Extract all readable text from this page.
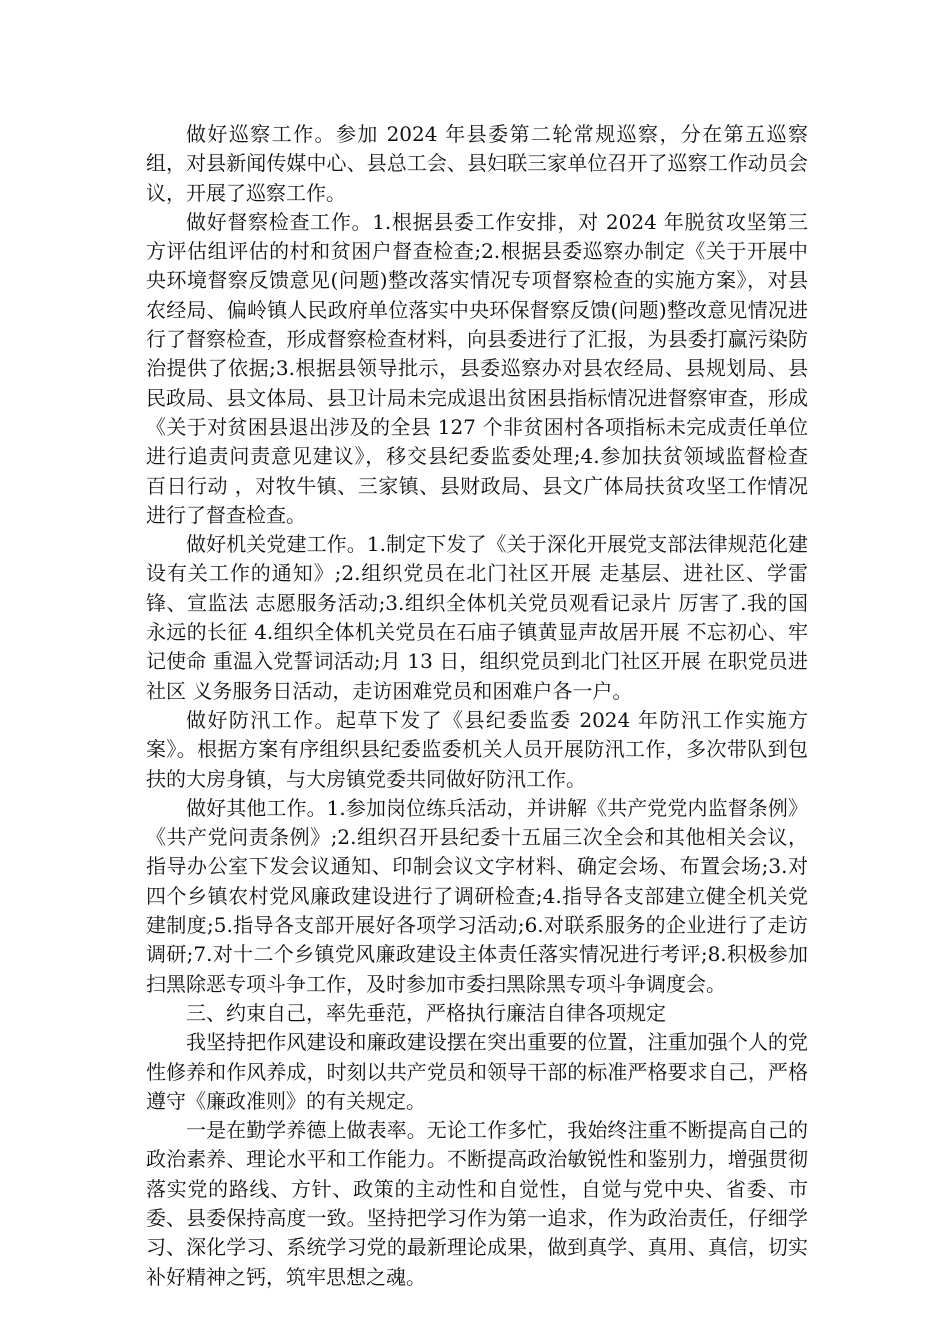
做好巡察工作。参加 2024 年县委第二轮常规巡察，分在第五巡察组，对县新闻传媒中心、县总工会、县妇联三家单位召开了巡察工作动员会议，开展了巡察工作。

做好督察检查工作。1.根据县委工作安排，对 2024 年脱贫攻坚第三方评估组评估的村和贫困户督查检查;2.根据县委巡察办制定《关于开展中央环境督察反馈意见(问题)整改落实情况专项督察检查的实施方案》，对县农经局、偏岭镇人民政府单位落实中央环保督察反馈(问题)整改意见情况进行了督察检查，形成督察检查材料，向县委进行了汇报，为县委打赢污染防治提供了依据;3.根据县领导批示，县委巡察办对县农经局、县规划局、县民政局、县文体局、县卫计局未完成退出贫困县指标情况进督察审查，形成《关于对贫困县退出涉及的全县 127 个非贫困村各项指标未完成责任单位进行追责问责意见建议》，移交县纪委监委处理;4.参加扶贫领域监督检查 百日行动 ，对牧牛镇、三家镇、县财政局、县文广体局扶贫攻坚工作情况进行了督查检查。

做好机关党建工作。1.制定下发了《关于深化开展党支部法律规范化建设有关工作的通知》;2.组织党员在北门社区开展 走基层、进社区、学雷锋、宣监法 志愿服务活动;3.组织全体机关党员观看记录片 厉害了.我的国 永远的长征 4.组织全体机关党员在石庙子镇黄显声故居开展 不忘初心、牢记使命 重温入党誓词活动;月 13 日，组织党员到北门社区开展 在职党员进社区 义务服务日活动，走访困难党员和困难户各一户。

做好防汛工作。起草下发了《县纪委监委 2024 年防汛工作实施方案》。根据方案有序组织县纪委监委机关人员开展防汛工作，多次带队到包扶的大房身镇，与大房镇党委共同做好防汛工作。

做好其他工作。1.参加岗位练兵活动，并讲解《共产党党内监督条例》《共产党问责条例》;2.组织召开县纪委十五届三次全会和其他相关会议，指导办公室下发会议通知、印制会议文字材料、确定会场、布置会场;3.对四个乡镇农村党风廉政建设进行了调研检查;4.指导各支部建立健全机关党建制度;5.指导各支部开展好各项学习活动;6.对联系服务的企业进行了走访调研;7.对十二个乡镇党风廉政建设主体责任落实情况进行考评;8.积极参加扫黑除恶专项斗争工作，及时参加市委扫黑除黑专项斗争调度会。

三、约束自己，率先垂范，严格执行廉洁自律各项规定

我坚持把作风建设和廉政建设摆在突出重要的位置，注重加强个人的党性修养和作风养成，时刻以共产党员和领导干部的标准严格要求自己，严格遵守《廉政准则》的有关规定。

一是在勤学养德上做表率。无论工作多忙，我始终注重不断提高自己的政治素养、理论水平和工作能力。不断提高政治敏锐性和鉴别力，增强贯彻落实党的路线、方针、政策的主动性和自觉性，自觉与党中央、省委、市委、县委保持高度一致。坚持把学习作为第一追求，作为政治责任，仔细学习、深化学习、系统学习党的最新理论成果，做到真学、真用、真信，切实补好精神之钙，筑牢思想之魂。
